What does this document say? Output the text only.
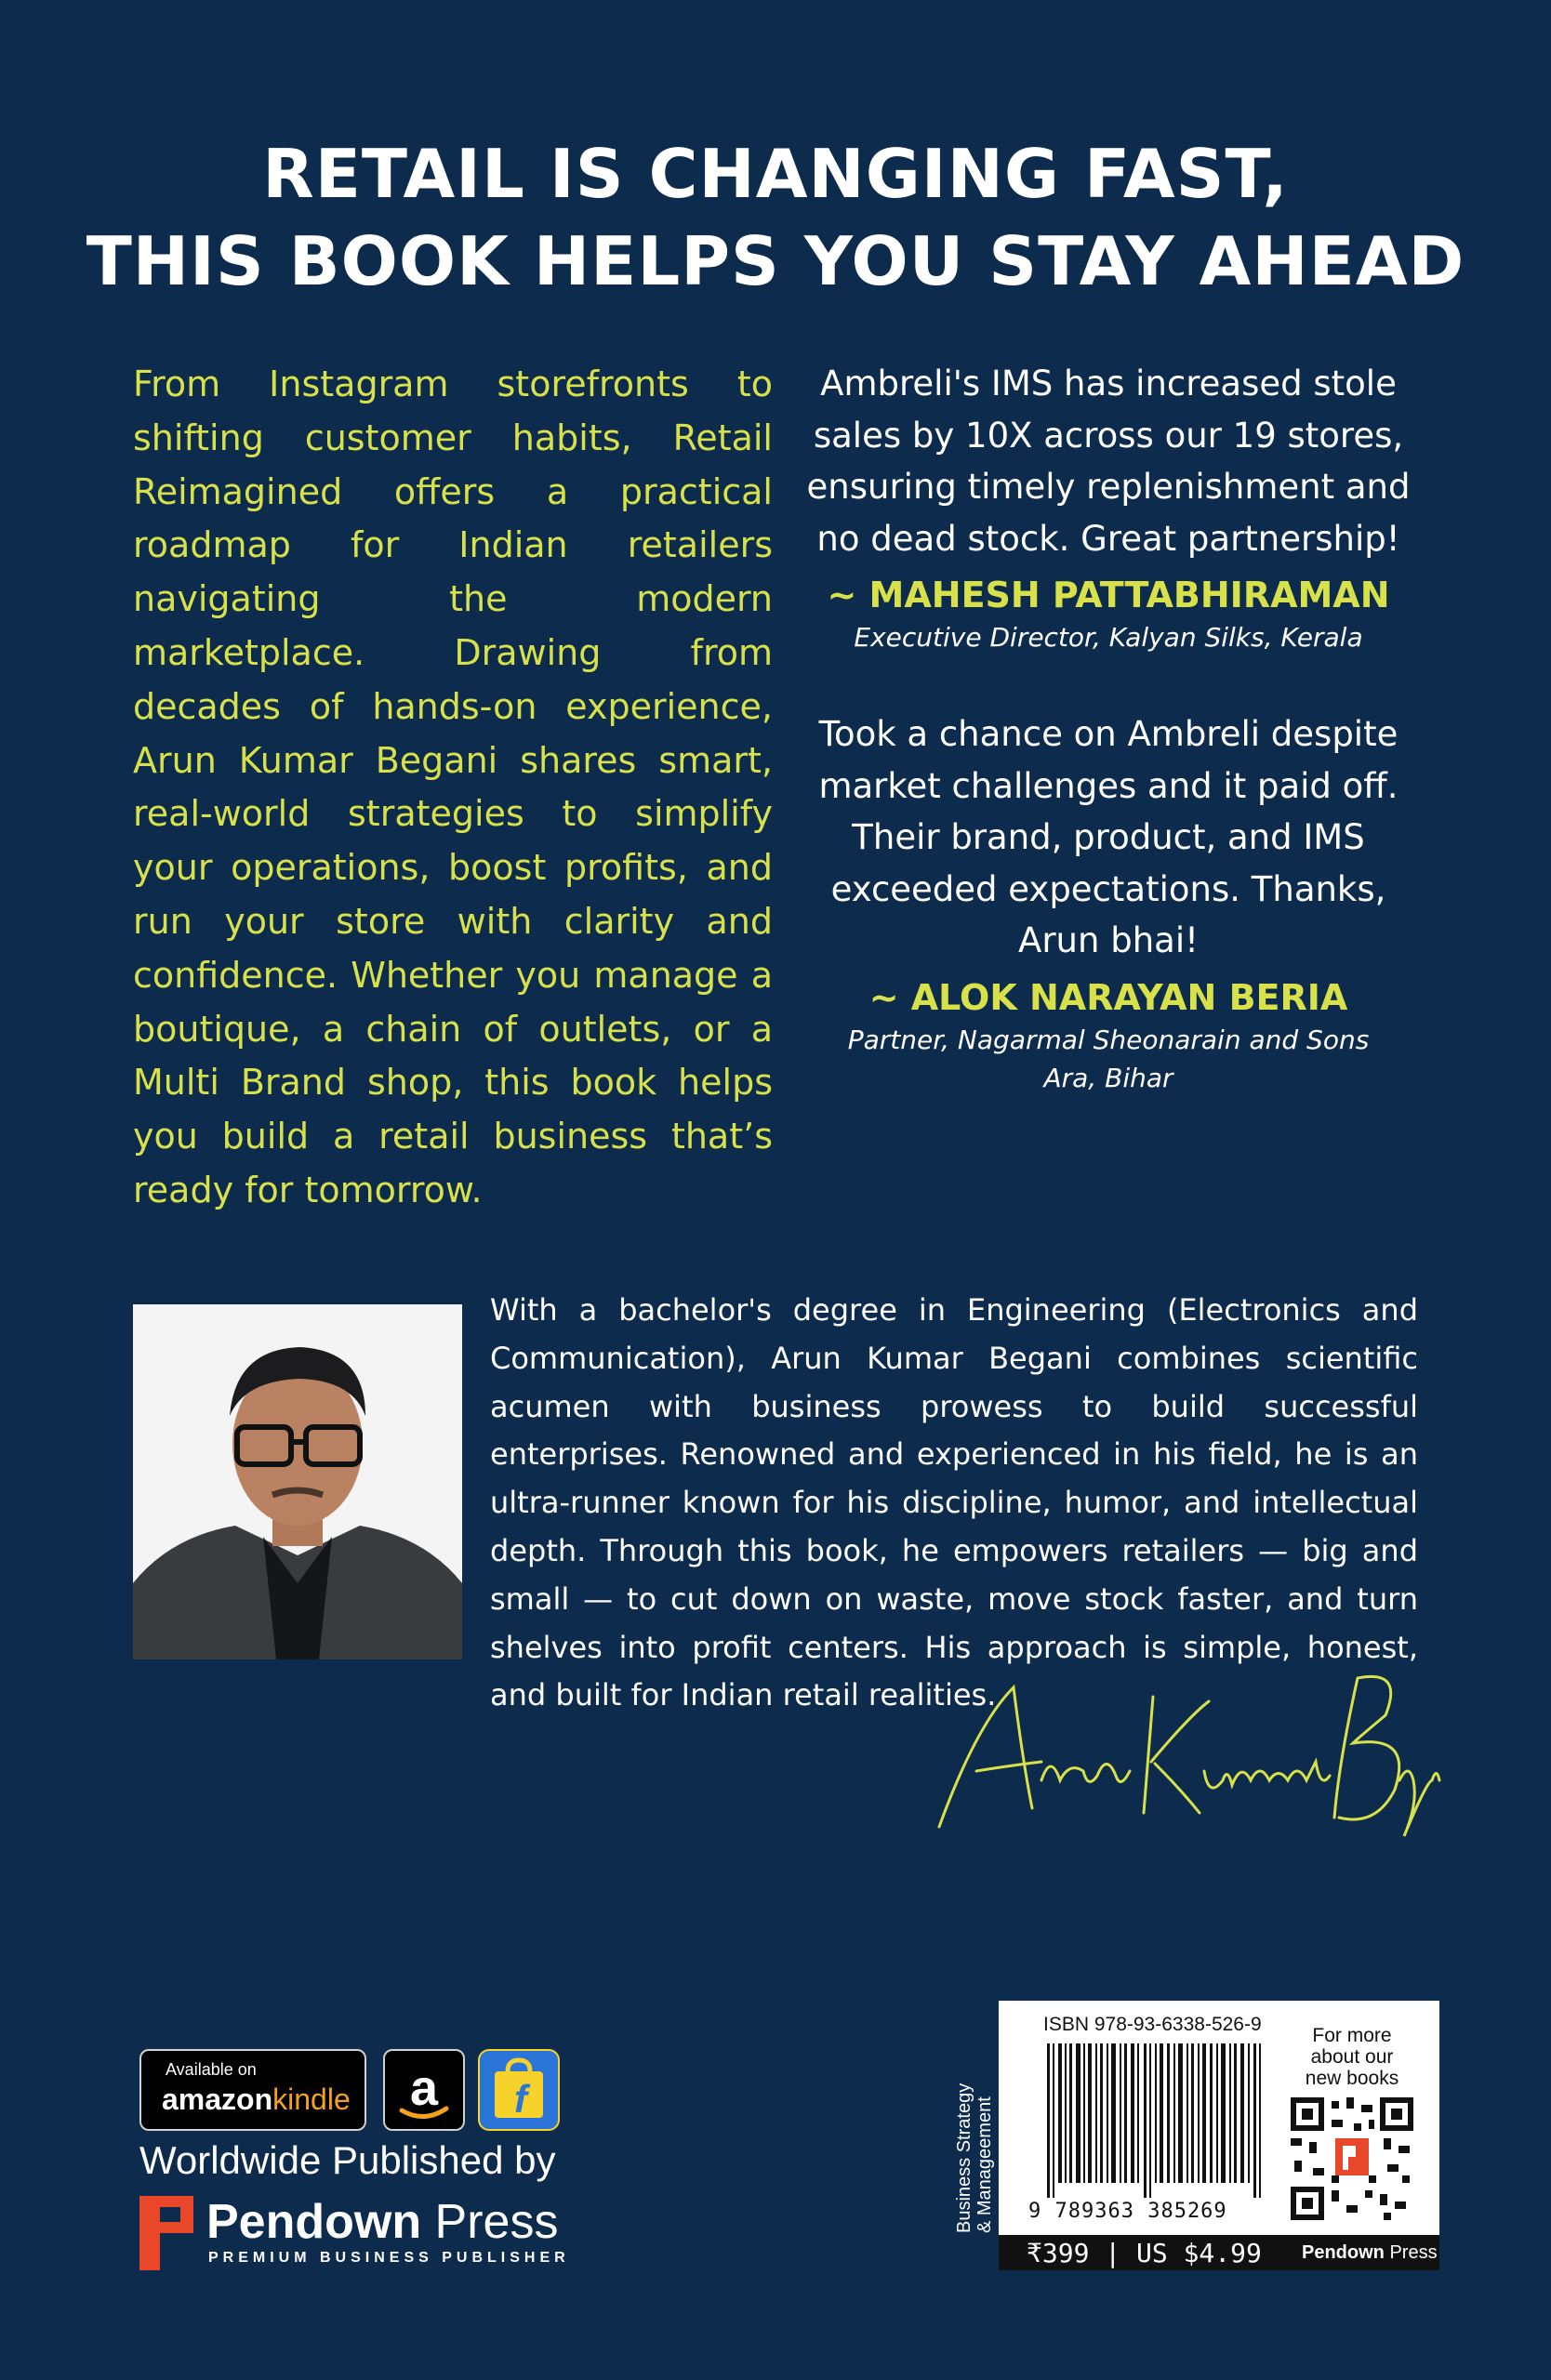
RETAIL IS CHANGING FAST,
THIS BOOK HELPS YOU STAY AHEAD
From Instagram storefronts to shifting customer habits, Retail Reimagined offers a practical roadmap for Indian retailers navigating the modern marketplace. Drawing from decades of hands-on experience, Arun Kumar Begani shares smart, real-world strategies to simplify your operations, boost profits, and run your store with clarity and confidence. Whether you manage a boutique, a chain of outlets, or a Multi Brand shop, this book helps you build a retail business that’s ready for tomorrow.
Ambreli's IMS has increased stole sales by 10X across our 19 stores, ensuring timely replenishment and no dead stock. Great partnership!
~ MAHESH PATTABHIRAMAN
Executive Director, Kalyan Silks, Kerala
Took a chance on Ambreli despite market challenges and it paid off. Their brand, product, and IMS exceeded expectations. Thanks, Arun bhai!
~ ALOK NARAYAN BERIA
Partner, Nagarmal Sheonarain and Sons
Ara, Bihar
With a bachelor's degree in Engineering (Electronics and Communication), Arun Kumar Begani combines scientific acumen with business prowess to build successful enterprises. Renowned and experienced in his field, he is an ultra-runner known for his discipline, humor, and intellectual depth. Through this book, he empowers retailers — big and small — to cut down on waste, move stock faster, and turn shelves into profit centers. His approach is simple, honest, and built for Indian retail realities.
Available on
amazonkindle a f
Worldwide Published by
Pendown Press
PREMIUM BUSINESS PUBLISHER
Business Strategy & Manageement
ISBN 978-93-6338-526-9
9 789363 385269
For more
about our
new books
₹399 | US $4.99 Pendown Press
